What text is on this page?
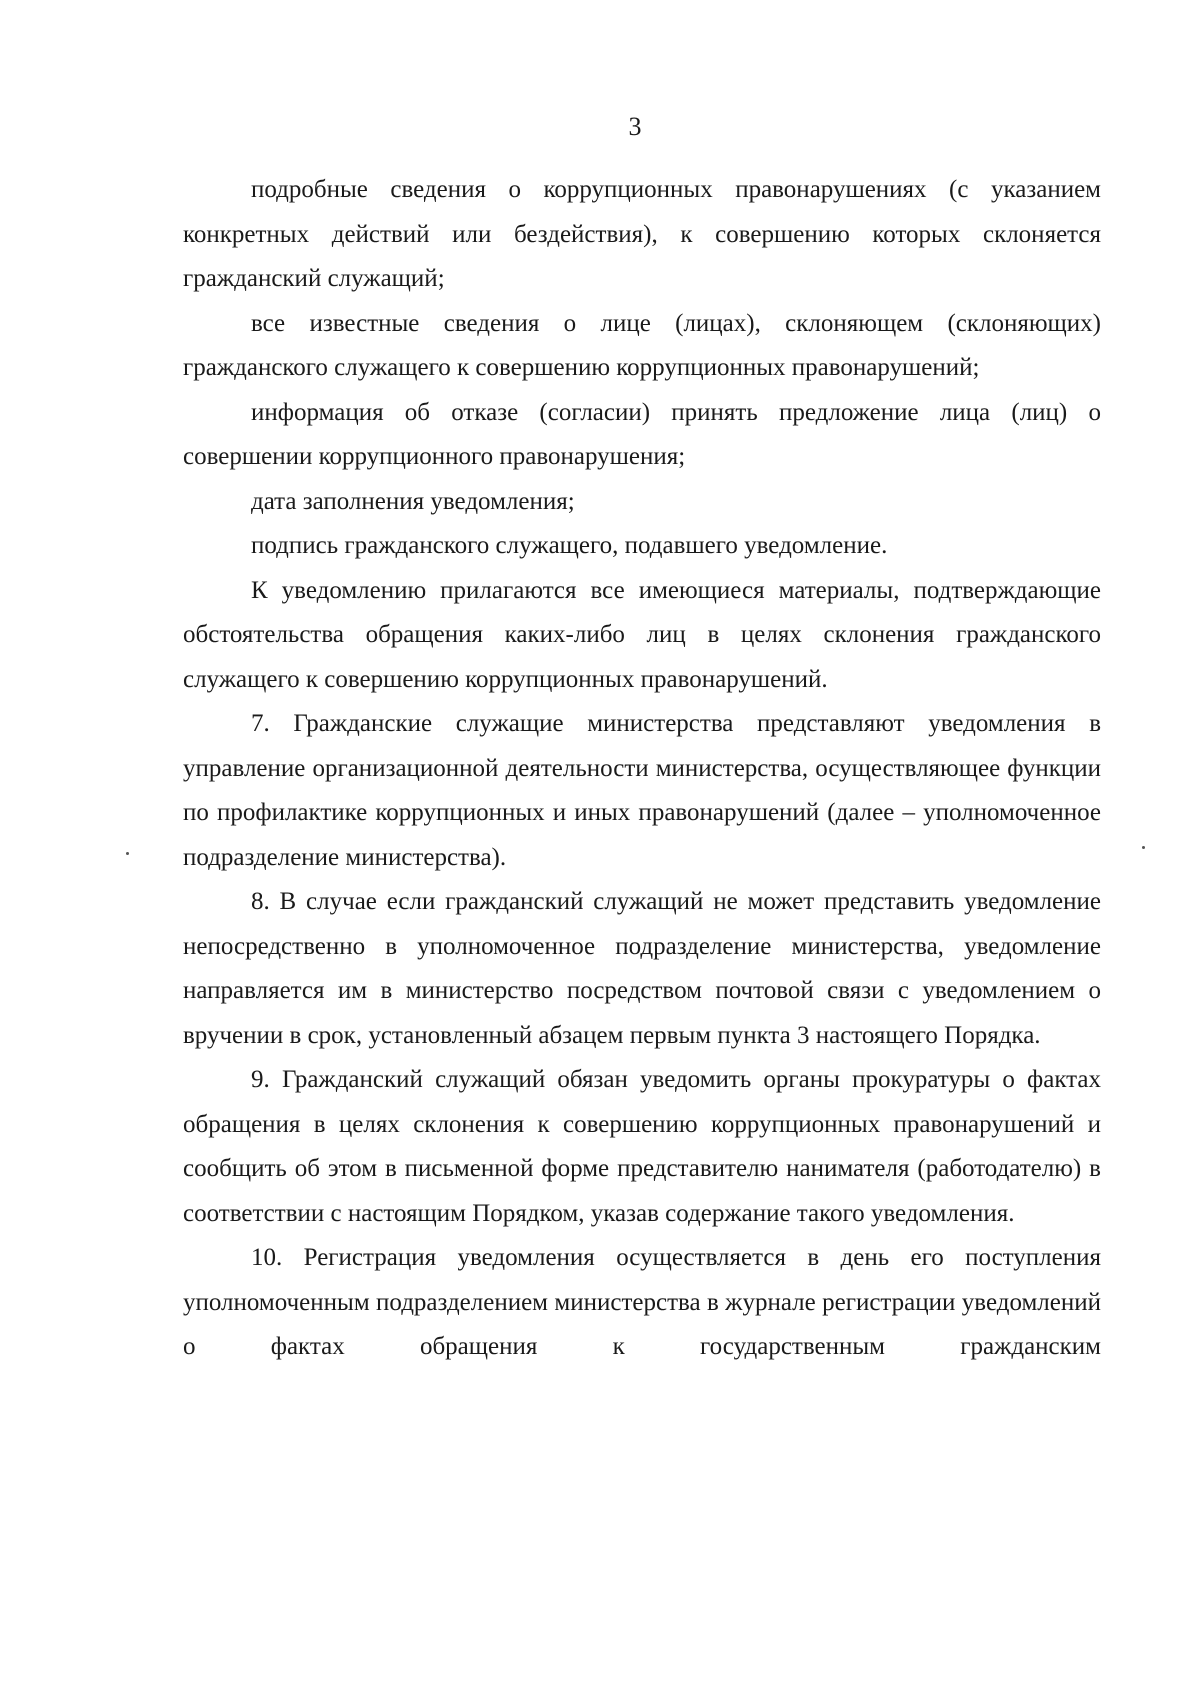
3

подробные сведения о коррупционных правонарушениях (с указанием конкретных действий или бездействия), к совершению которых склоняется гражданский служащий;

все известные сведения о лице (лицах), склоняющем (склоняющих) гражданского служащего к совершению коррупционных правонарушений;

информация об отказе (согласии) принять предложение лица (лиц) о совершении коррупционного правонарушения;

дата заполнения уведомления;

подпись гражданского служащего, подавшего уведомление.

К уведомлению прилагаются все имеющиеся материалы, подтверждающие обстоятельства обращения каких-либо лиц в целях склонения гражданского служащего к совершению коррупционных правонарушений.

7. Гражданские служащие министерства представляют уведомления в управление организационной деятельности министерства, осуществляющее функции по профилактике коррупционных и иных правонарушений (далее – уполномоченное подразделение министерства).

8. В случае если гражданский служащий не может представить уведомление непосредственно в уполномоченное подразделение министерства, уведомление направляется им в министерство посредством почтовой связи с уведомлением о вручении в срок, установленный абзацем первым пункта 3 настоящего Порядка.

9. Гражданский служащий обязан уведомить органы прокуратуры о фактах обращения в целях склонения к совершению коррупционных правонарушений и сообщить об этом в письменной форме представителю нанимателя (работодателю) в соответствии с настоящим Порядком, указав содержание такого уведомления.

10. Регистрация уведомления осуществляется в день его поступления уполномоченным подразделением министерства в журнале регистрации уведомлений о фактах обращения к государственным гражданским
